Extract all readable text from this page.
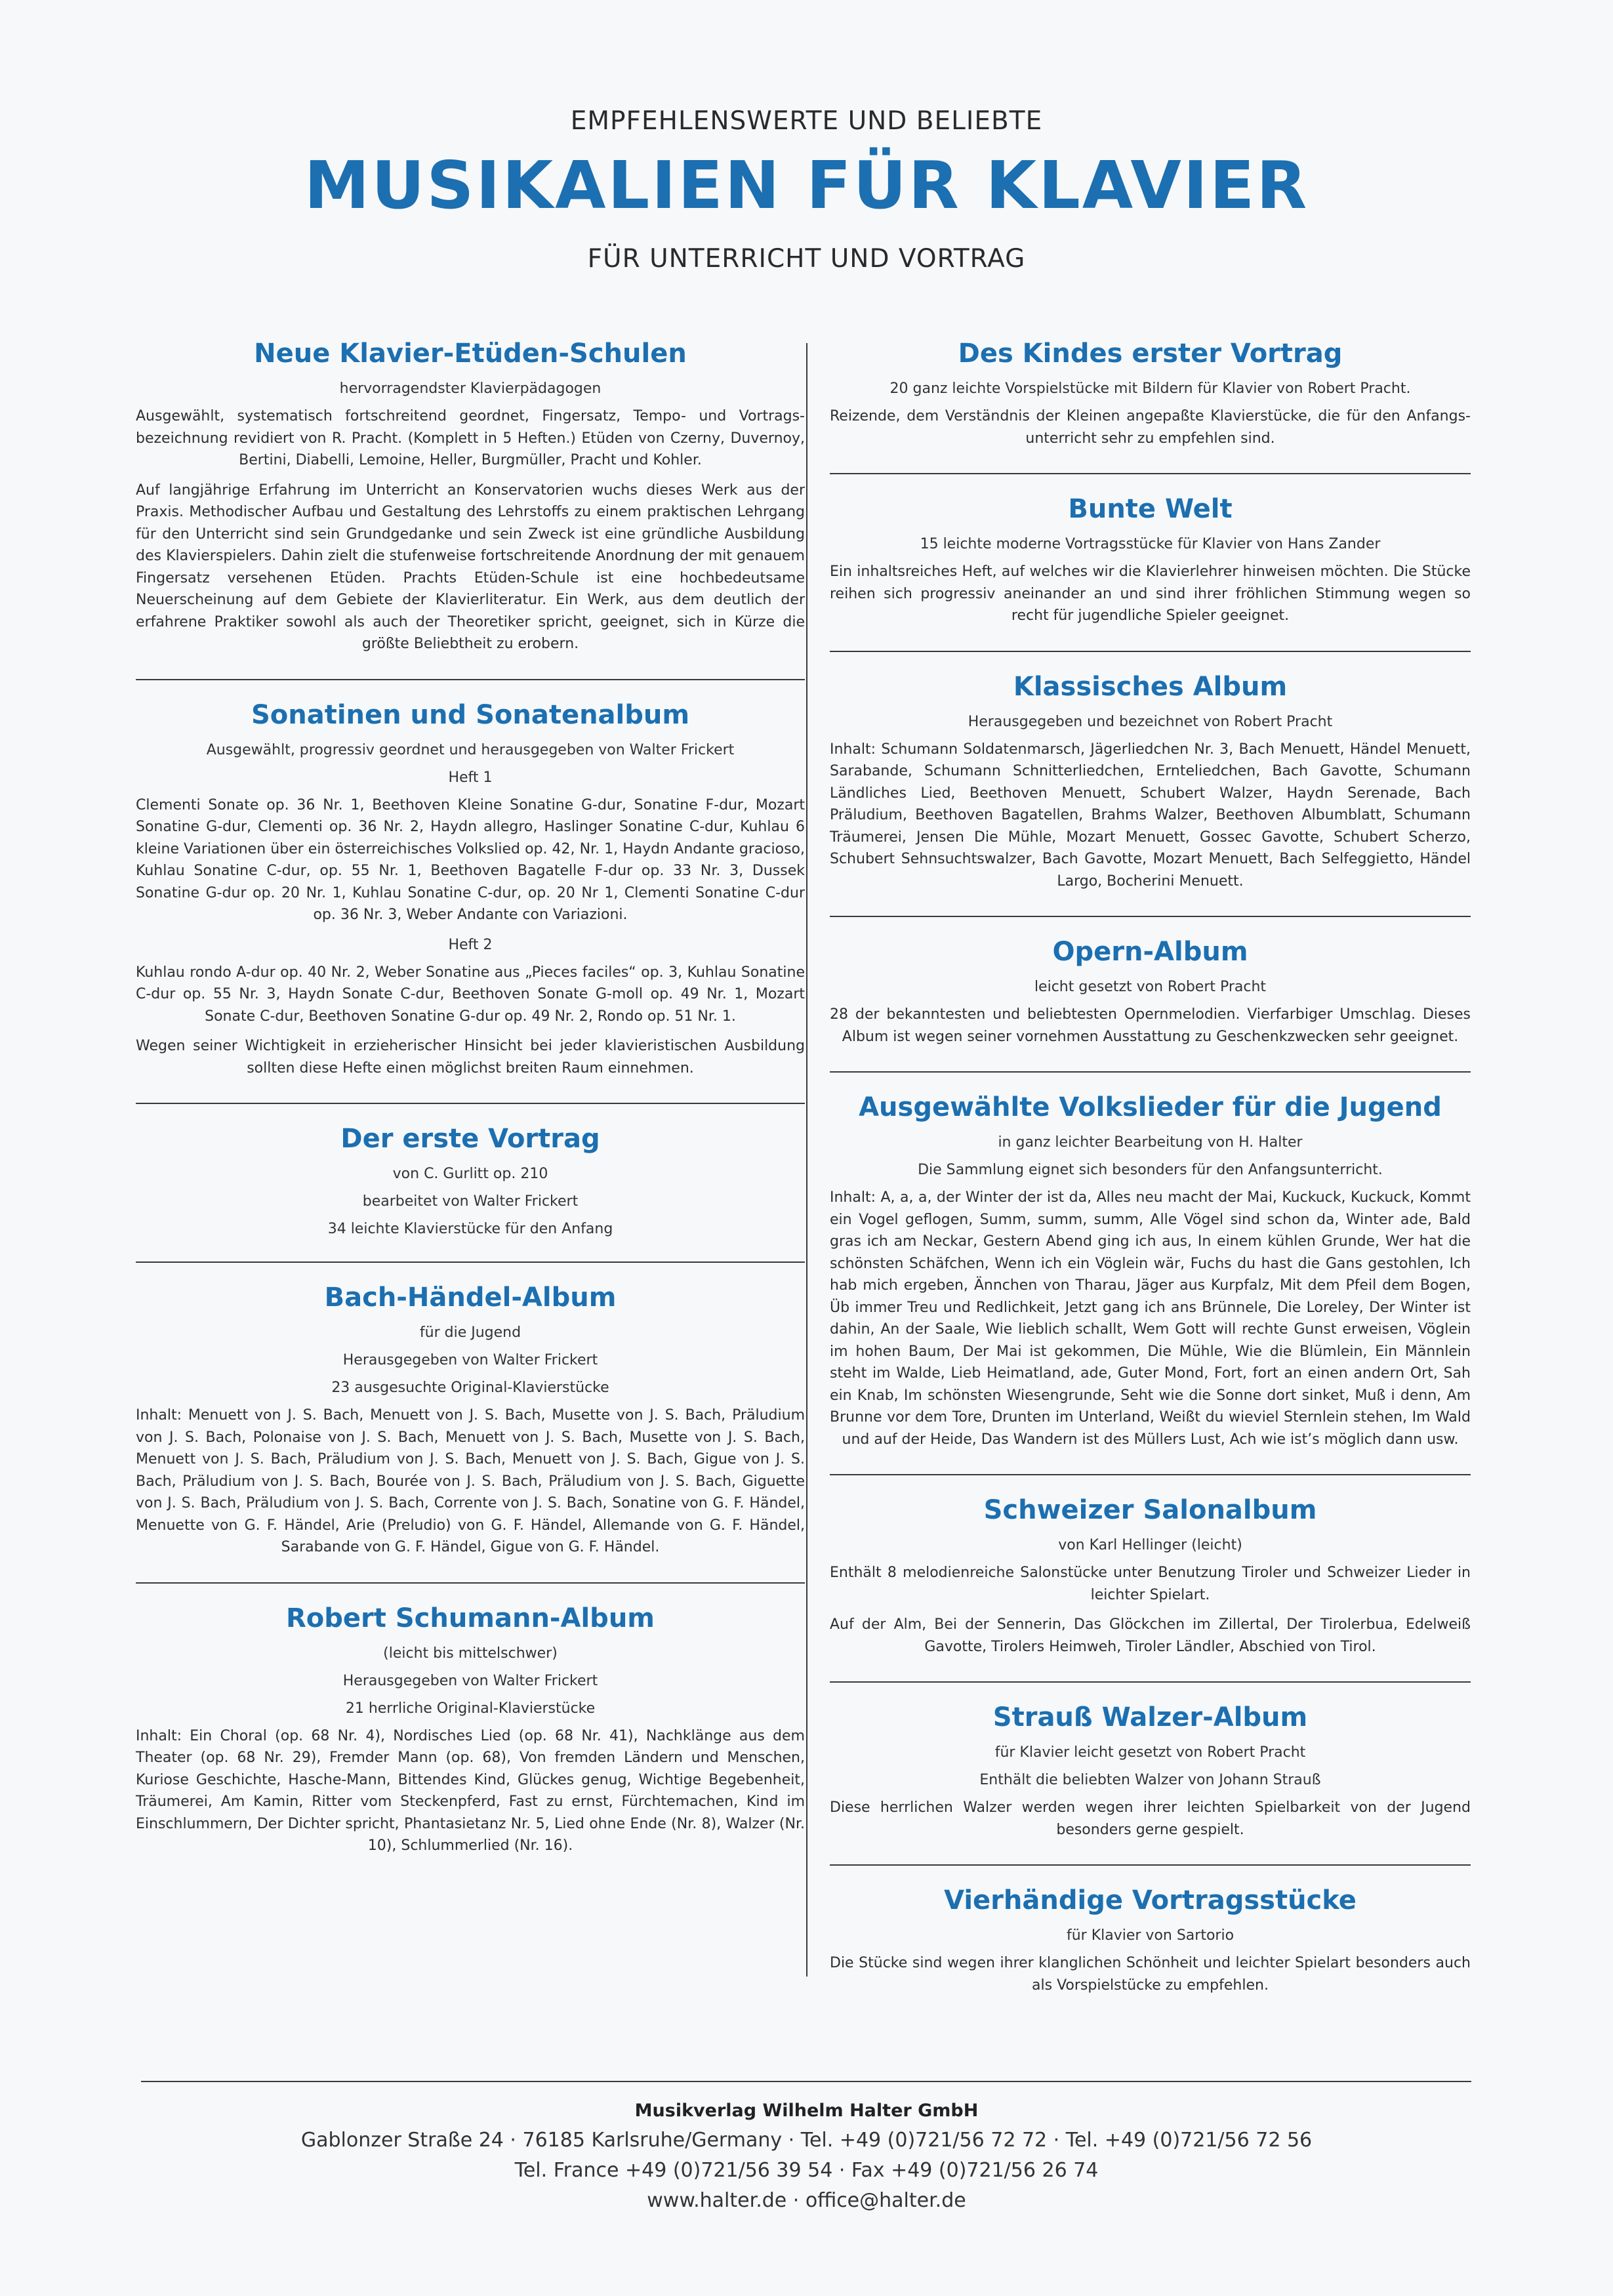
EMPFEHLENSWERTE UND BELIEBTE
MUSIKALIEN FÜR KLAVIER
FÜR UNTERRICHT UND VORTRAG
Neue Klavier-Etüden-Schulen
hervorragendster Klavierpädagogen

Ausgewählt, systematisch fortschreitend geordnet, Fingersatz, Tempo- und Vortragsbezeichnung revidiert von R. Pracht. (Komplett in 5 Heften.) Etüden von Czerny, Duvernoy, Bertini, Diabelli, Lemoine, Heller, Burgmüller, Pracht und Kohler.

Auf langjährige Erfahrung im Unterricht an Konservatorien wuchs dieses Werk aus der Praxis. Methodischer Aufbau und Gestaltung des Lehrstoffs zu einem praktischen Lehrgang für den Unterricht sind sein Grundgedanke und sein Zweck ist eine gründliche Ausbildung des Klavierspielers. Dahin zielt die stufenweise fortschreitende Anordnung der mit genauem Fingersatz versehenen Etüden. Prachts Etüden-Schule ist eine hochbedeutsame Neuerscheinung auf dem Gebiete der Klavierliteratur. Ein Werk, aus dem deutlich der erfahrene Praktiker sowohl als auch der Theoretiker spricht, geeignet, sich in Kürze die größte Beliebtheit zu erobern.

Sonatinen und Sonatenalbum
Ausgewählt, progressiv geordnet und herausgegeben von Walter Frickert
Heft 1

Clementi Sonate op. 36 Nr. 1, Beethoven Kleine Sonatine G-dur, Sonatine F-dur, Mozart Sonatine G-dur, Clementi op. 36 Nr. 2, Haydn allegro, Haslinger Sonatine C-dur, Kuhlau 6 kleine Variationen über ein österreichisches Volkslied op. 42, Nr. 1, Haydn Andante gracioso, Kuhlau Sonatine C-dur, op. 55 Nr. 1, Beethoven Bagatelle F-dur op. 33 Nr. 3, Dussek Sonatine G-dur op. 20 Nr. 1, Kuhlau Sonatine C-dur, op. 20 Nr 1, Clementi Sonatine C-dur op. 36 Nr. 3, Weber Andante con Variazioni.

Heft 2

Kuhlau rondo A-dur op. 40 Nr. 2, Weber Sonatine aus „Pieces faciles“ op. 3, Kuhlau Sonatine C-dur op. 55 Nr. 3, Haydn Sonate C-dur, Beethoven Sonate G-moll op. 49 Nr. 1, Mozart Sonate C-dur, Beethoven Sonatine G-dur op. 49 Nr. 2, Rondo op. 51 Nr. 1.

Wegen seiner Wichtigkeit in erzieherischer Hinsicht bei jeder klavieristischen Ausbildung sollten diese Hefte einen möglichst breiten Raum einnehmen.

Der erste Vortrag
von C. Gurlitt op. 210
bearbeitet von Walter Frickert
34 leichte Klavierstücke für den Anfang
Bach-Händel-Album
für die Jugend
Herausgegeben von Walter Frickert
23 ausgesuchte Original-Klavierstücke

Inhalt: Menuett von J. S. Bach, Menuett von J. S. Bach, Musette von J. S. Bach, Präludium von J. S. Bach, Polonaise von J. S. Bach, Menuett von J. S. Bach, Musette von J. S. Bach, Menuett von J. S. Bach, Präludium von J. S. Bach, Menuett von J. S. Bach, Gigue von J. S. Bach, Präludium von J. S. Bach, Bourée von J. S. Bach, Präludium von J. S. Bach, Giguette von J. S. Bach, Präludium von J. S. Bach, Corrente von J. S. Bach, Sonatine von G. F. Händel, Menuette von G. F. Händel, Arie (Preludio) von G. F. Händel, Allemande von G. F. Händel, Sarabande von G. F. Händel, Gigue von G. F. Händel.

Robert Schumann-Album
(leicht bis mittelschwer)
Herausgegeben von Walter Frickert
21 herrliche Original-Klavierstücke

Inhalt: Ein Choral (op. 68 Nr. 4), Nordisches Lied (op. 68 Nr. 41), Nachklänge aus dem Theater (op. 68 Nr. 29), Fremder Mann (op. 68), Von fremden Ländern und Menschen, Kuriose Geschichte, Hasche-Mann, Bittendes Kind, Glückes genug, Wichtige Begebenheit, Träumerei, Am Kamin, Ritter vom Steckenpferd, Fast zu ernst, Fürchtemachen, Kind im Einschlummern, Der Dichter spricht, Phantasietanz Nr. 5, Lied ohne Ende (Nr. 8), Walzer (Nr. 10), Schlummerlied (Nr. 16).

Des Kindes erster Vortrag
20 ganz leichte Vorspielstücke mit Bildern für Klavier von Robert Pracht.

Reizende, dem Verständnis der Kleinen angepaßte Klavierstücke, die für den Anfangsunterricht sehr zu empfehlen sind.

Bunte Welt
15 leichte moderne Vortragsstücke für Klavier von Hans Zander

Ein inhaltsreiches Heft, auf welches wir die Klavierlehrer hinweisen möchten. Die Stücke reihen sich progressiv aneinander an und sind ihrer fröhlichen Stimmung wegen so recht für jugendliche Spieler geeignet.

Klassisches Album
Herausgegeben und bezeichnet von Robert Pracht

Inhalt: Schumann Soldatenmarsch, Jägerliedchen Nr. 3, Bach Menuett, Händel Menuett, Sarabande, Schumann Schnitterliedchen, Ernteliedchen, Bach Gavotte, Schumann Ländliches Lied, Beethoven Menuett, Schubert Walzer, Haydn Serenade, Bach Präludium, Beethoven Bagatellen, Brahms Walzer, Beethoven Albumblatt, Schumann Träumerei, Jensen Die Mühle, Mozart Menuett, Gossec Gavotte, Schubert Scherzo, Schubert Sehnsuchtswalzer, Bach Gavotte, Mozart Menuett, Bach Selfeggietto, Händel Largo, Bocherini Menuett.

Opern-Album
leicht gesetzt von Robert Pracht

28 der bekanntesten und beliebtesten Opernmelodien. Vierfarbiger Umschlag. Dieses Album ist wegen seiner vornehmen Ausstattung zu Geschenkzwecken sehr geeignet.

Ausgewählte Volkslieder für die Jugend
in ganz leichter Bearbeitung von H. Halter
Die Sammlung eignet sich besonders für den Anfangsunterricht.

Inhalt: A, a, a, der Winter der ist da, Alles neu macht der Mai, Kuckuck, Kuckuck, Kommt ein Vogel geflogen, Summ, summ, summ, Alle Vögel sind schon da, Winter ade, Bald gras ich am Neckar, Gestern Abend ging ich aus, In einem kühlen Grunde, Wer hat die schönsten Schäfchen, Wenn ich ein Vöglein wär, Fuchs du hast die Gans gestohlen, Ich hab mich ergeben, Ännchen von Tharau, Jäger aus Kurpfalz, Mit dem Pfeil dem Bogen, Üb immer Treu und Redlichkeit, Jetzt gang ich ans Brünnele, Die Loreley, Der Winter ist dahin, An der Saale, Wie lieblich schallt, Wem Gott will rechte Gunst erweisen, Vöglein im hohen Baum, Der Mai ist gekommen, Die Mühle, Wie die Blümlein, Ein Männlein steht im Walde, Lieb Heimatland, ade, Guter Mond, Fort, fort an einen andern Ort, Sah ein Knab, Im schönsten Wiesengrunde, Seht wie die Sonne dort sinket, Muß i denn, Am Brunne vor dem Tore, Drunten im Unterland, Weißt du wieviel Sternlein stehen, Im Wald und auf der Heide, Das Wandern ist des Müllers Lust, Ach wie ist’s möglich dann usw.

Schweizer Salonalbum
von Karl Hellinger (leicht)

Enthält 8 melodienreiche Salonstücke unter Benutzung Tiroler und Schweizer Lieder in leichter Spielart.

Auf der Alm, Bei der Sennerin, Das Glöckchen im Zillertal, Der Tirolerbua, Edelweiß Gavotte, Tirolers Heimweh, Tiroler Ländler, Abschied von Tirol.

Strauß Walzer-Album
für Klavier leicht gesetzt von Robert Pracht
Enthält die beliebten Walzer von Johann Strauß

Diese herrlichen Walzer werden wegen ihrer leichten Spielbarkeit von der Jugend besonders gerne gespielt.

Vierhändige Vortragsstücke
für Klavier von Sartorio

Die Stücke sind wegen ihrer klanglichen Schönheit und leichter Spielart besonders auch als Vorspielstücke zu empfehlen.

Musikverlag Wilhelm Halter GmbH
Gablonzer Straße 24 · 76185 Karlsruhe/Germany · Tel. +49 (0)721/56 72 72 · Tel. +49 (0)721/56 72 56
Tel. France +49 (0)721/56 39 54 · Fax +49 (0)721/56 26 74
www.halter.de · office@halter.de
